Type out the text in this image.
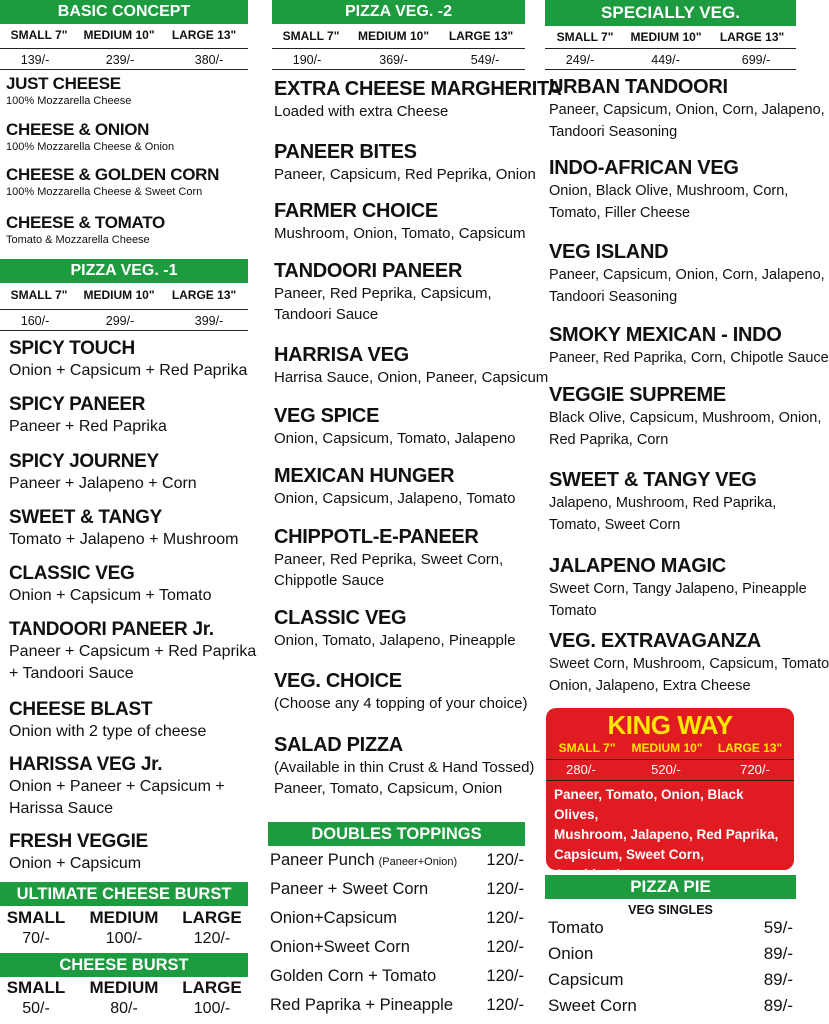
BASIC CONCEPT
SMALL 7"	MEDIUM 10"	LARGE 13"
139/-	239/-	380/-
JUST CHEESE
100% Mozzarella Cheese
CHEESE & ONION
100% Mozzarella Cheese & Onion
CHEESE & GOLDEN CORN
100% Mozzarella Cheese & Sweet Corn
CHEESE & TOMATO
Tomato & Mozzarella Cheese
PIZZA VEG. -1
SMALL 7"	MEDIUM 10"	LARGE 13"
160/-	299/-	399/-
SPICY TOUCH
Onion + Capsicum + Red Paprika
SPICY PANEER
Paneer + Red Paprika
SPICY JOURNEY
Paneer + Jalapeno + Corn
SWEET & TANGY
Tomato + Jalapeno + Mushroom
CLASSIC VEG
Onion + Capsicum + Tomato
TANDOORI PANEER Jr.
Paneer + Capsicum + Red Paprika
+ Tandoori Sauce
CHEESE BLAST
Onion with 2 type of cheese
HARISSA VEG Jr.
Onion + Paneer + Capsicum +
Harissa Sauce
FRESH VEGGIE
Onion + Capsicum
ULTIMATE CHEESE BURST
SMALL	MEDIUM	LARGE
70/-	100/-	120/-
CHEESE BURST
SMALL	MEDIUM	LARGE
50/-	80/-	100/-
PIZZA VEG. -2
SMALL 7"	MEDIUM 10"	LARGE 13"
190/-	369/-	549/-
EXTRA CHEESE MARGHERITA
Loaded with extra Cheese
PANEER BITES
Paneer, Capsicum, Red Peprika, Onion
FARMER CHOICE
Mushroom, Onion, Tomato, Capsicum
TANDOORI PANEER
Paneer, Red Peprika, Capsicum,
Tandoori Sauce
HARRISA VEG
Harrisa Sauce, Onion, Paneer, Capsicum
VEG SPICE
Onion, Capsicum, Tomato, Jalapeno
MEXICAN HUNGER
Onion, Capsicum, Jalapeno, Tomato
CHIPPOTL-E-PANEER
Paneer, Red Peprika, Sweet Corn,
Chippotle Sauce
CLASSIC VEG
Onion, Tomato, Jalapeno, Pineapple
VEG. CHOICE
(Choose any 4 topping of your choice)
SALAD PIZZA
(Available in thin Crust & Hand Tossed)
Paneer, Tomato, Capsicum, Onion
DOUBLES TOPPINGS
Paneer Punch (Paneer+Onion) 120/-
Paneer + Sweet Corn	120/-
Onion+Capsicum	120/-
Onion+Sweet Corn	120/-
Golden Corn + Tomato	120/-
Red Paprika + Pineapple 120/-
SPECIALLY VEG.
SMALL 7"	MEDIUM 10"	LARGE 13"
249/-	449/-	699/-
URBAN TANDOORI
Paneer, Capsicum, Onion, Corn, Jalapeno,
Tandoori Seasoning
INDO-AFRICAN VEG
Onion, Black Olive, Mushroom, Corn,
Tomato, Filler Cheese
VEG ISLAND
Paneer, Capsicum, Onion, Corn, Jalapeno,
Tandoori Seasoning
SMOKY MEXICAN - INDO
Paneer, Red Paprika, Corn, Chipotle Sauce
VEGGIE SUPREME
Black Olive, Capsicum, Mushroom, Onion,
Red Paprika, Corn
SWEET & TANGY VEG
Jalapeno, Mushroom, Red Paprika,
Tomato, Sweet Corn
JALAPENO MAGIC
Sweet Corn, Tangy Jalapeno, Pineapple
Tomato
VEG. EXTRAVAGANZA
Sweet Corn, Mushroom, Capsicum, Tomato
Onion, Jalapeno, Extra Cheese
KING WAY
SMALL 7"	MEDIUM 10"	LARGE 13"
280/-	520/-	720/-
Paneer, Tomato, Onion, Black Olives,
Mushroom, Jalapeno, Red Paprika,
Capsicum, Sweet Corn,
PIZZA PIE
VEG SINGLES
Tomato	59/-
Onion	89/-
Capsicum	89/-
Sweet Corn	89/-
